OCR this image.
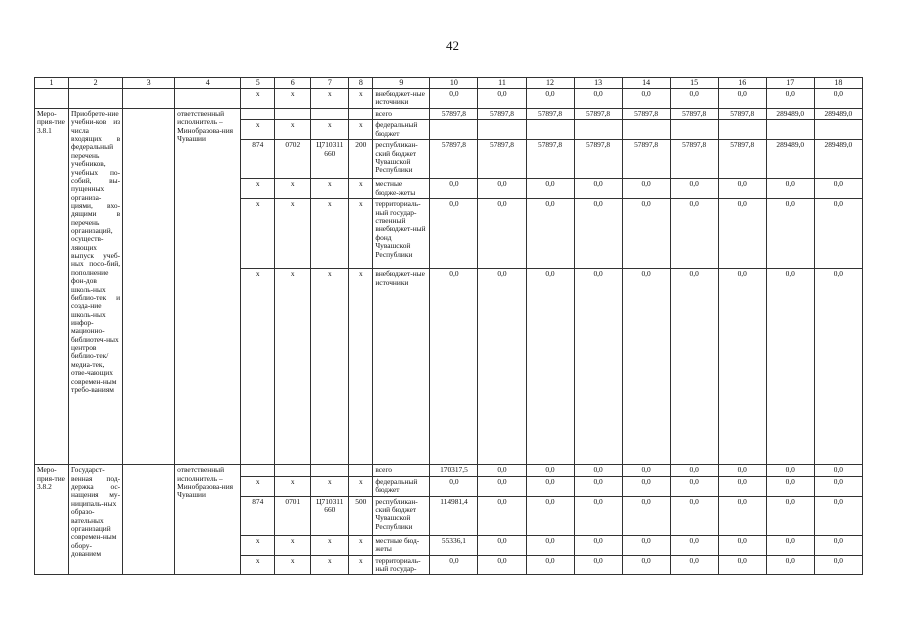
42
1	2	3	4	5	6	7	8	9	10	11	12	13	14	15	16	17	18
				х	х	х	х	внебюджет-ные источники	0,0	0,0	0,0	0,0	0,0	0,0	0,0	0,0	0,0
Меро-прия-тие 3.8.1	Приобрете-ние учебни-ков из числа входящих в федеральный перечень учебников, учебных по-собий, вы-пущенных организа-циями, вхо-дящими в перечень организаций, осуществ-ляющих выпуск учеб-ных посо-бий, пополнение фон-дов школь-ных библио-тек и созда-ние школь-ных инфор-мационно-библиотеч-ных центров библио-тек/медиа-тек, отве-чающих современ-ным требо-ваниям		ответственный исполнитель – Минобразова-ния Чувашии					всего	57897,8	57897,8	57897,8	57897,8	57897,8	57897,8	57897,8	289489,0	289489,0
				х	х	х	х	федеральный бюджет									
				874	0702	Ц710311 660	200	республикан-ский бюджет Чувашской Республики	57897,8	57897,8	57897,8	57897,8	57897,8	57897,8	57897,8	289489,0	289489,0
				х	х	х	х	местные бюдже-жеты	0,0	0,0	0,0	0,0	0,0	0,0	0,0	0,0	0,0
				х	х	х	х	территориаль-ный государ-ственный внебюджет-ный фонд Чувашской Республики	0,0	0,0	0,0	0,0	0,0	0,0	0,0	0,0	0,0
				х	х	х	х	внебюджет-ные источники	0,0	0,0	0,0	0,0	0,0	0,0	0,0	0,0	0,0
Меро-прия-тие 3.8.2	Государст-венная под-держка ос-нащения му-ниципаль-ных образо-вательных организаций современ-ным обору-дованием		ответственный исполнитель – Минобразова-ния Чувашии					всего	170317,5	0,0	0,0	0,0	0,0	0,0	0,0	0,0	0,0
				х	х	х	х	федеральный бюджет	0,0	0,0	0,0	0,0	0,0	0,0	0,0	0,0	0,0
				874	0701	Ц710311 660	500	республикан-ский бюджет Чувашской Республики	114981,4	0,0	0,0	0,0	0,0	0,0	0,0	0,0	0,0
				х	х	х	х	местные бюд-жеты	55336,1	0,0	0,0	0,0	0,0	0,0	0,0	0,0	0,0
				х	х	х	х	территориаль-ный государ-	0,0	0,0	0,0	0,0	0,0	0,0	0,0	0,0	0,0
